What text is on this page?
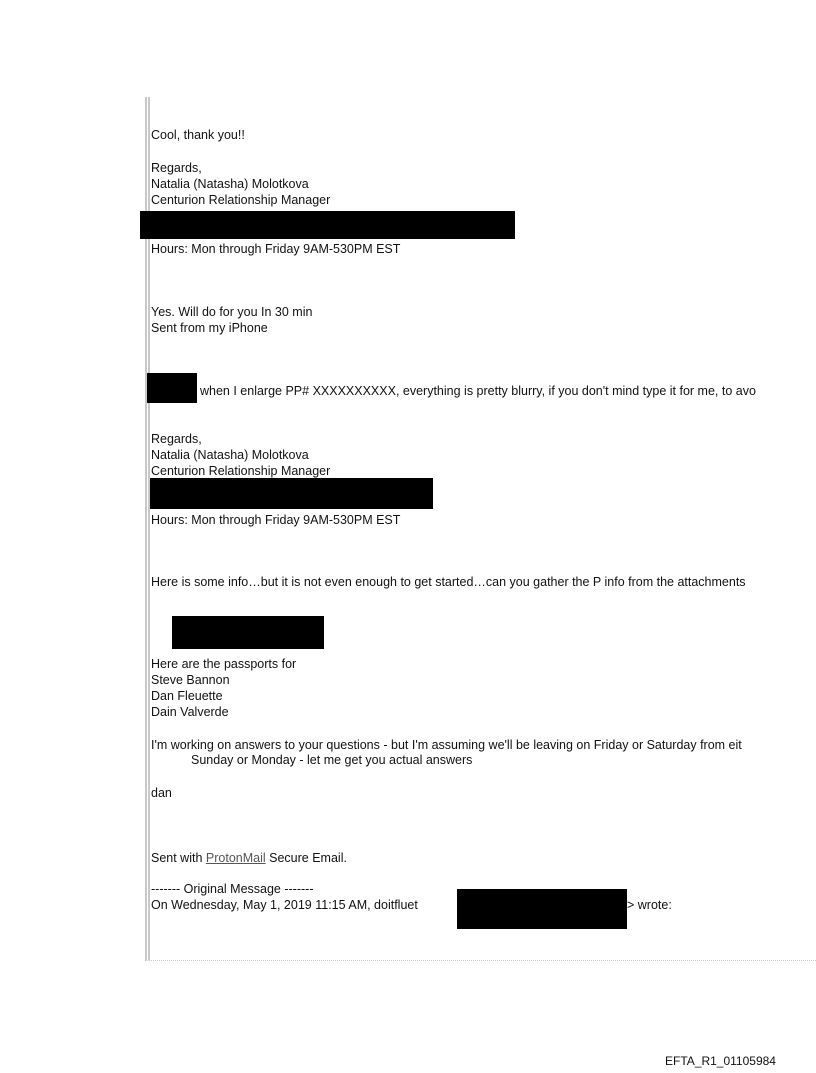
Cool, thank you!!
Regards,
Natalia (Natasha) Molotkova
Centurion Relationship Manager
Hours: Mon through Friday 9AM-530PM EST
Yes. Will do for you In 30 min
Sent from my iPhone
when I enlarge PP# XXXXXXXXXX, everything is pretty blurry, if you don't mind type it for me, to avo
Regards,
Natalia (Natasha) Molotkova
Centurion Relationship Manager
Hours: Mon through Friday 9AM-530PM EST
Here is some info…but it is not even enough to get started…can you gather the P info from the attachments
Here are the passports for
Steve Bannon
Dan Fleuette
Dain Valverde
I'm working on answers to your questions - but I'm assuming we'll be leaving on Friday or Saturday from eit
Sunday or Monday - let me get you actual answers
dan
Sent with ProtonMail Secure Email.
------- Original Message -------
On Wednesday, May 1, 2019 11:15 AM, doitfluet	> wrote:
EFTA_R1_01105984
